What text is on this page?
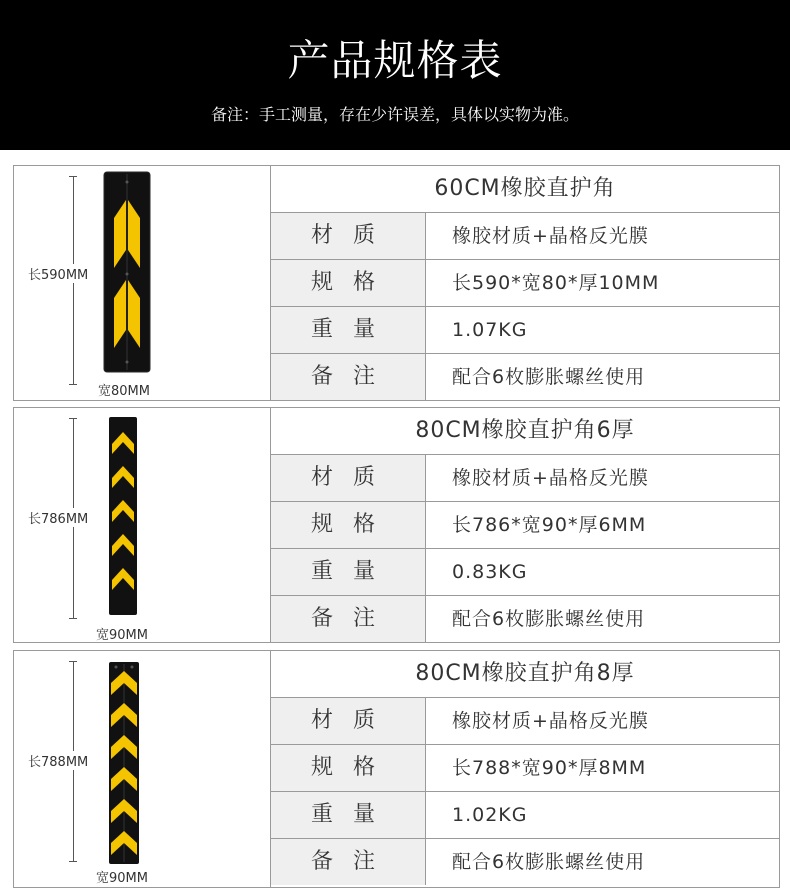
产品规格表
备注：手工测量，存在少许误差，具体以实物为准。
长590MM
宽80MM
60CM橡胶直护角
材质	橡胶材质+晶格反光膜
规格	长590*宽80*厚10MM
重量	1.07KG
备注	配合6枚膨胀螺丝使用
长786MM
宽90MM
80CM橡胶直护角6厚
材质	橡胶材质+晶格反光膜
规格	长786*宽90*厚6MM
重量	0.83KG
备注	配合6枚膨胀螺丝使用
长788MM
宽90MM
80CM橡胶直护角8厚
材质	橡胶材质+晶格反光膜
规格	长788*宽90*厚8MM
重量	1.02KG
备注	配合6枚膨胀螺丝使用
